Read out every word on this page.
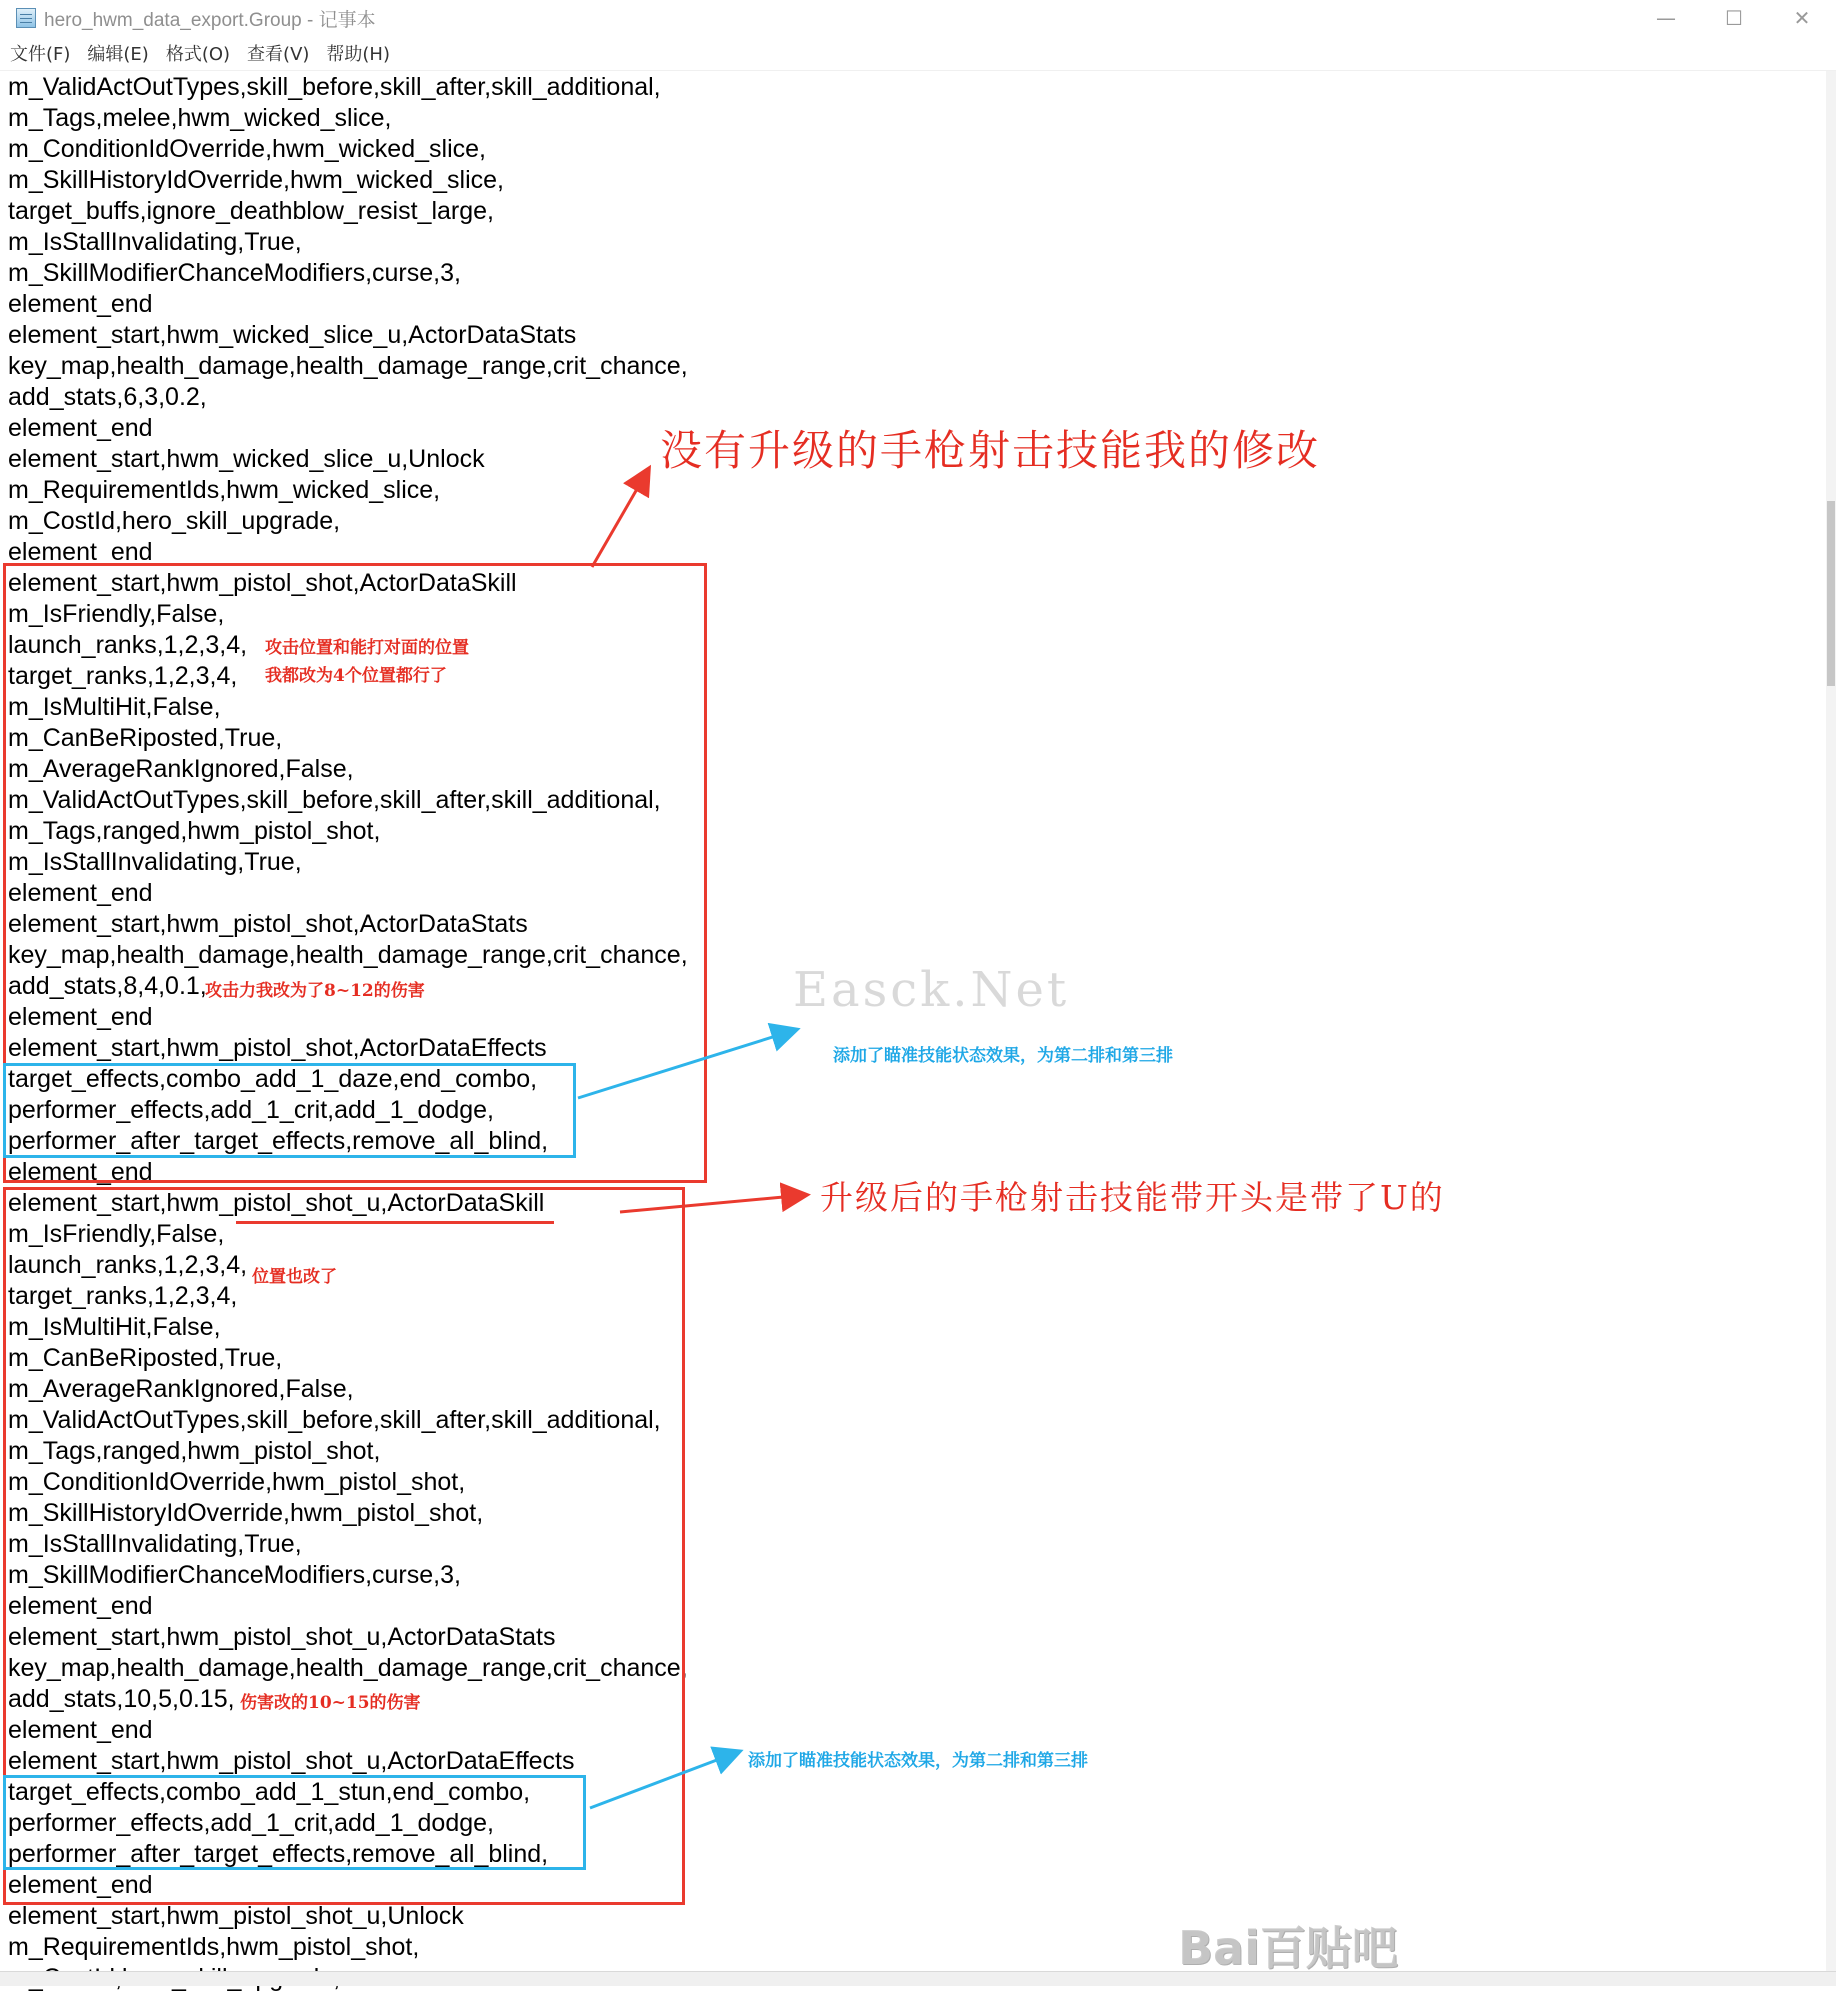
hero_hwm_data_export.Group - 记事本	—	☐	✕
文件(F) 编辑(E) 格式(O) 查看(V) 帮助(H)
m_ValidActOutTypes,skill_before,skill_after,skill_additional,
m_Tags,melee,hwm_wicked_slice,
m_ConditionIdOverride,hwm_wicked_slice,
m_SkillHistoryIdOverride,hwm_wicked_slice,
target_buffs,ignore_deathblow_resist_large,
m_IsStallInvalidating,True,
m_SkillModifierChanceModifiers,curse,3,
element_end
element_start,hwm_wicked_slice_u,ActorDataStats
key_map,health_damage,health_damage_range,crit_chance,
add_stats,6,3,0.2,
element_end
element_start,hwm_wicked_slice_u,Unlock
m_RequirementIds,hwm_wicked_slice,
m_CostId,hero_skill_upgrade,
element_end
element_start,hwm_pistol_shot,ActorDataSkill
m_IsFriendly,False,
launch_ranks,1,2,3,4,
target_ranks,1,2,3,4,
m_IsMultiHit,False,
m_CanBeRiposted,True,
m_AverageRankIgnored,False,
m_ValidActOutTypes,skill_before,skill_after,skill_additional,
m_Tags,ranged,hwm_pistol_shot,
m_IsStallInvalidating,True,
element_end
element_start,hwm_pistol_shot,ActorDataStats
key_map,health_damage,health_damage_range,crit_chance,
add_stats,8,4,0.1,
element_end
element_start,hwm_pistol_shot,ActorDataEffects
target_effects,combo_add_1_daze,end_combo,
performer_effects,add_1_crit,add_1_dodge,
performer_after_target_effects,remove_all_blind,
element_end
element_start,hwm_pistol_shot_u,ActorDataSkill
m_IsFriendly,False,
launch_ranks,1,2,3,4,
target_ranks,1,2,3,4,
m_IsMultiHit,False,
m_CanBeRiposted,True,
m_AverageRankIgnored,False,
m_ValidActOutTypes,skill_before,skill_after,skill_additional,
m_Tags,ranged,hwm_pistol_shot,
m_ConditionIdOverride,hwm_pistol_shot,
m_SkillHistoryIdOverride,hwm_pistol_shot,
m_IsStallInvalidating,True,
m_SkillModifierChanceModifiers,curse,3,
element_end
element_start,hwm_pistol_shot_u,ActorDataStats
key_map,health_damage,health_damage_range,crit_chance,
add_stats,10,5,0.15,
element_end
element_start,hwm_pistol_shot_u,ActorDataEffects
target_effects,combo_add_1_stun,end_combo,
performer_effects,add_1_crit,add_1_dodge,
performer_after_target_effects,remove_all_blind,
element_end
element_start,hwm_pistol_shot_u,Unlock
m_RequirementIds,hwm_pistol_shot,
没有升级的手枪射击技能我的修改
攻击位置和能打对面的位置
我都改为4个位置都行了
攻击力我改为了8~12的伤害
添加了瞄准技能状态效果，为第二排和第三排
升级后的手枪射击技能带开头是带了U的
位置也改了
伤害改的10~15的伤害
添加了瞄准技能状态效果，为第二排和第三排
Easck.Net
Bai百贴吧
